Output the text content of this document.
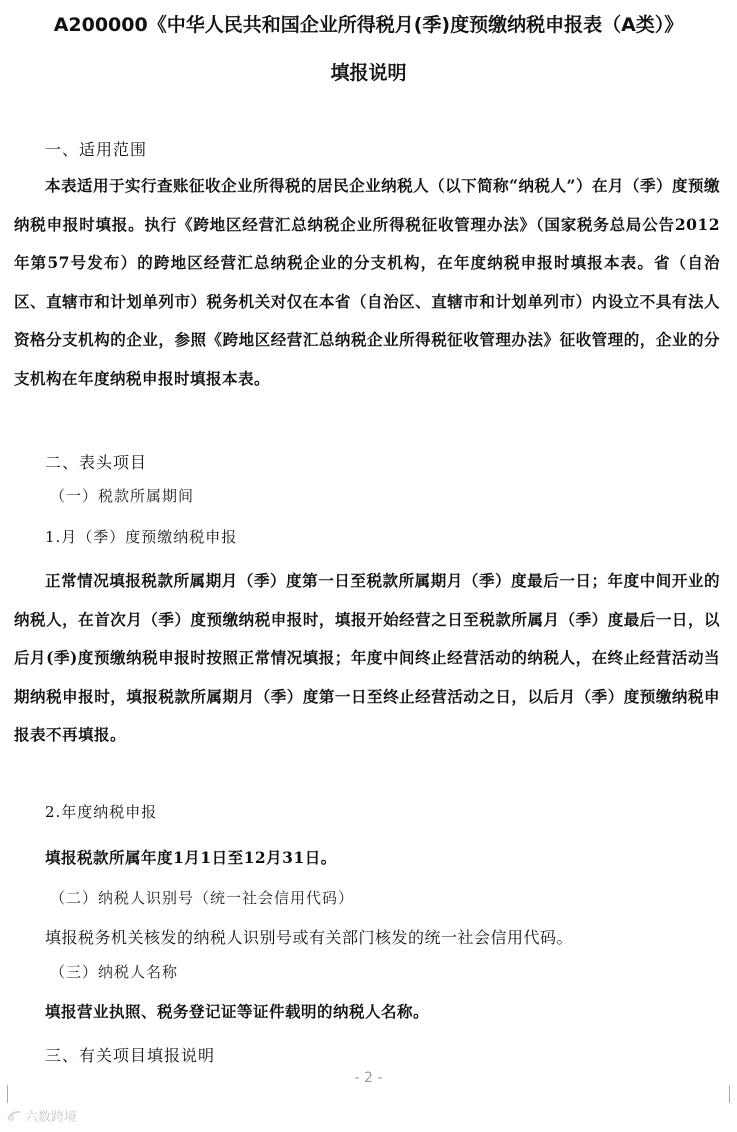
A200000《中华人民共和国企业所得税月(季)度预缴纳税申报表（A类）》
填报说明
一、适用范围
本表适用于实行查账征收企业所得税的居民企业纳税人（以下简称“纳税人”）在月（季）度预缴纳税申报时填报。执行《跨地区经营汇总纳税企业所得税征收管理办法》（国家税务总局公告2012年第57号发布）的跨地区经营汇总纳税企业的分支机构，在年度纳税申报时填报本表。省（自治区、直辖市和计划单列市）税务机关对仅在本省（自治区、直辖市和计划单列市）内设立不具有法人资格分支机构的企业，参照《跨地区经营汇总纳税企业所得税征收管理办法》征收管理的，企业的分支机构在年度纳税申报时填报本表。
二、表头项目
（一）税款所属期间
1.月（季）度预缴纳税申报
正常情况填报税款所属期月（季）度第一日至税款所属期月（季）度最后一日；年度中间开业的纳税人，在首次月（季）度预缴纳税申报时，填报开始经营之日至税款所属月（季）度最后一日，以后月(季)度预缴纳税申报时按照正常情况填报；年度中间终止经营活动的纳税人，在终止经营活动当期纳税申报时，填报税款所属期月（季）度第一日至终止经营活动之日，以后月（季）度预缴纳税申报表不再填报。
2.年度纳税申报
填报税款所属年度1月1日至12月31日。
（二）纳税人识别号（统一社会信用代码）
填报税务机关核发的纳税人识别号或有关部门核发的统一社会信用代码。
（三）纳税人名称
填报营业执照、税务登记证等证件载明的纳税人名称。
三、有关项目填报说明
- 2 -
六数跨境
